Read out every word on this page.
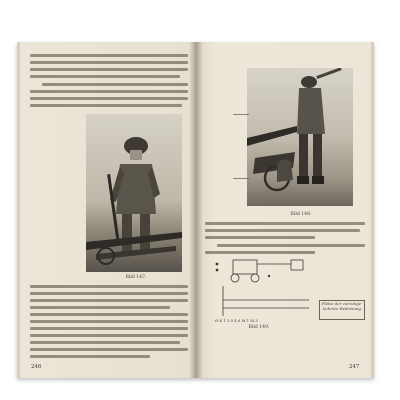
Bild 147.
246
Bild 148.
Ø K 1 3 0 4 6 M 1 M 3
Plätze der zurückge-
kehrten Bedienung
Bild 149.
247
